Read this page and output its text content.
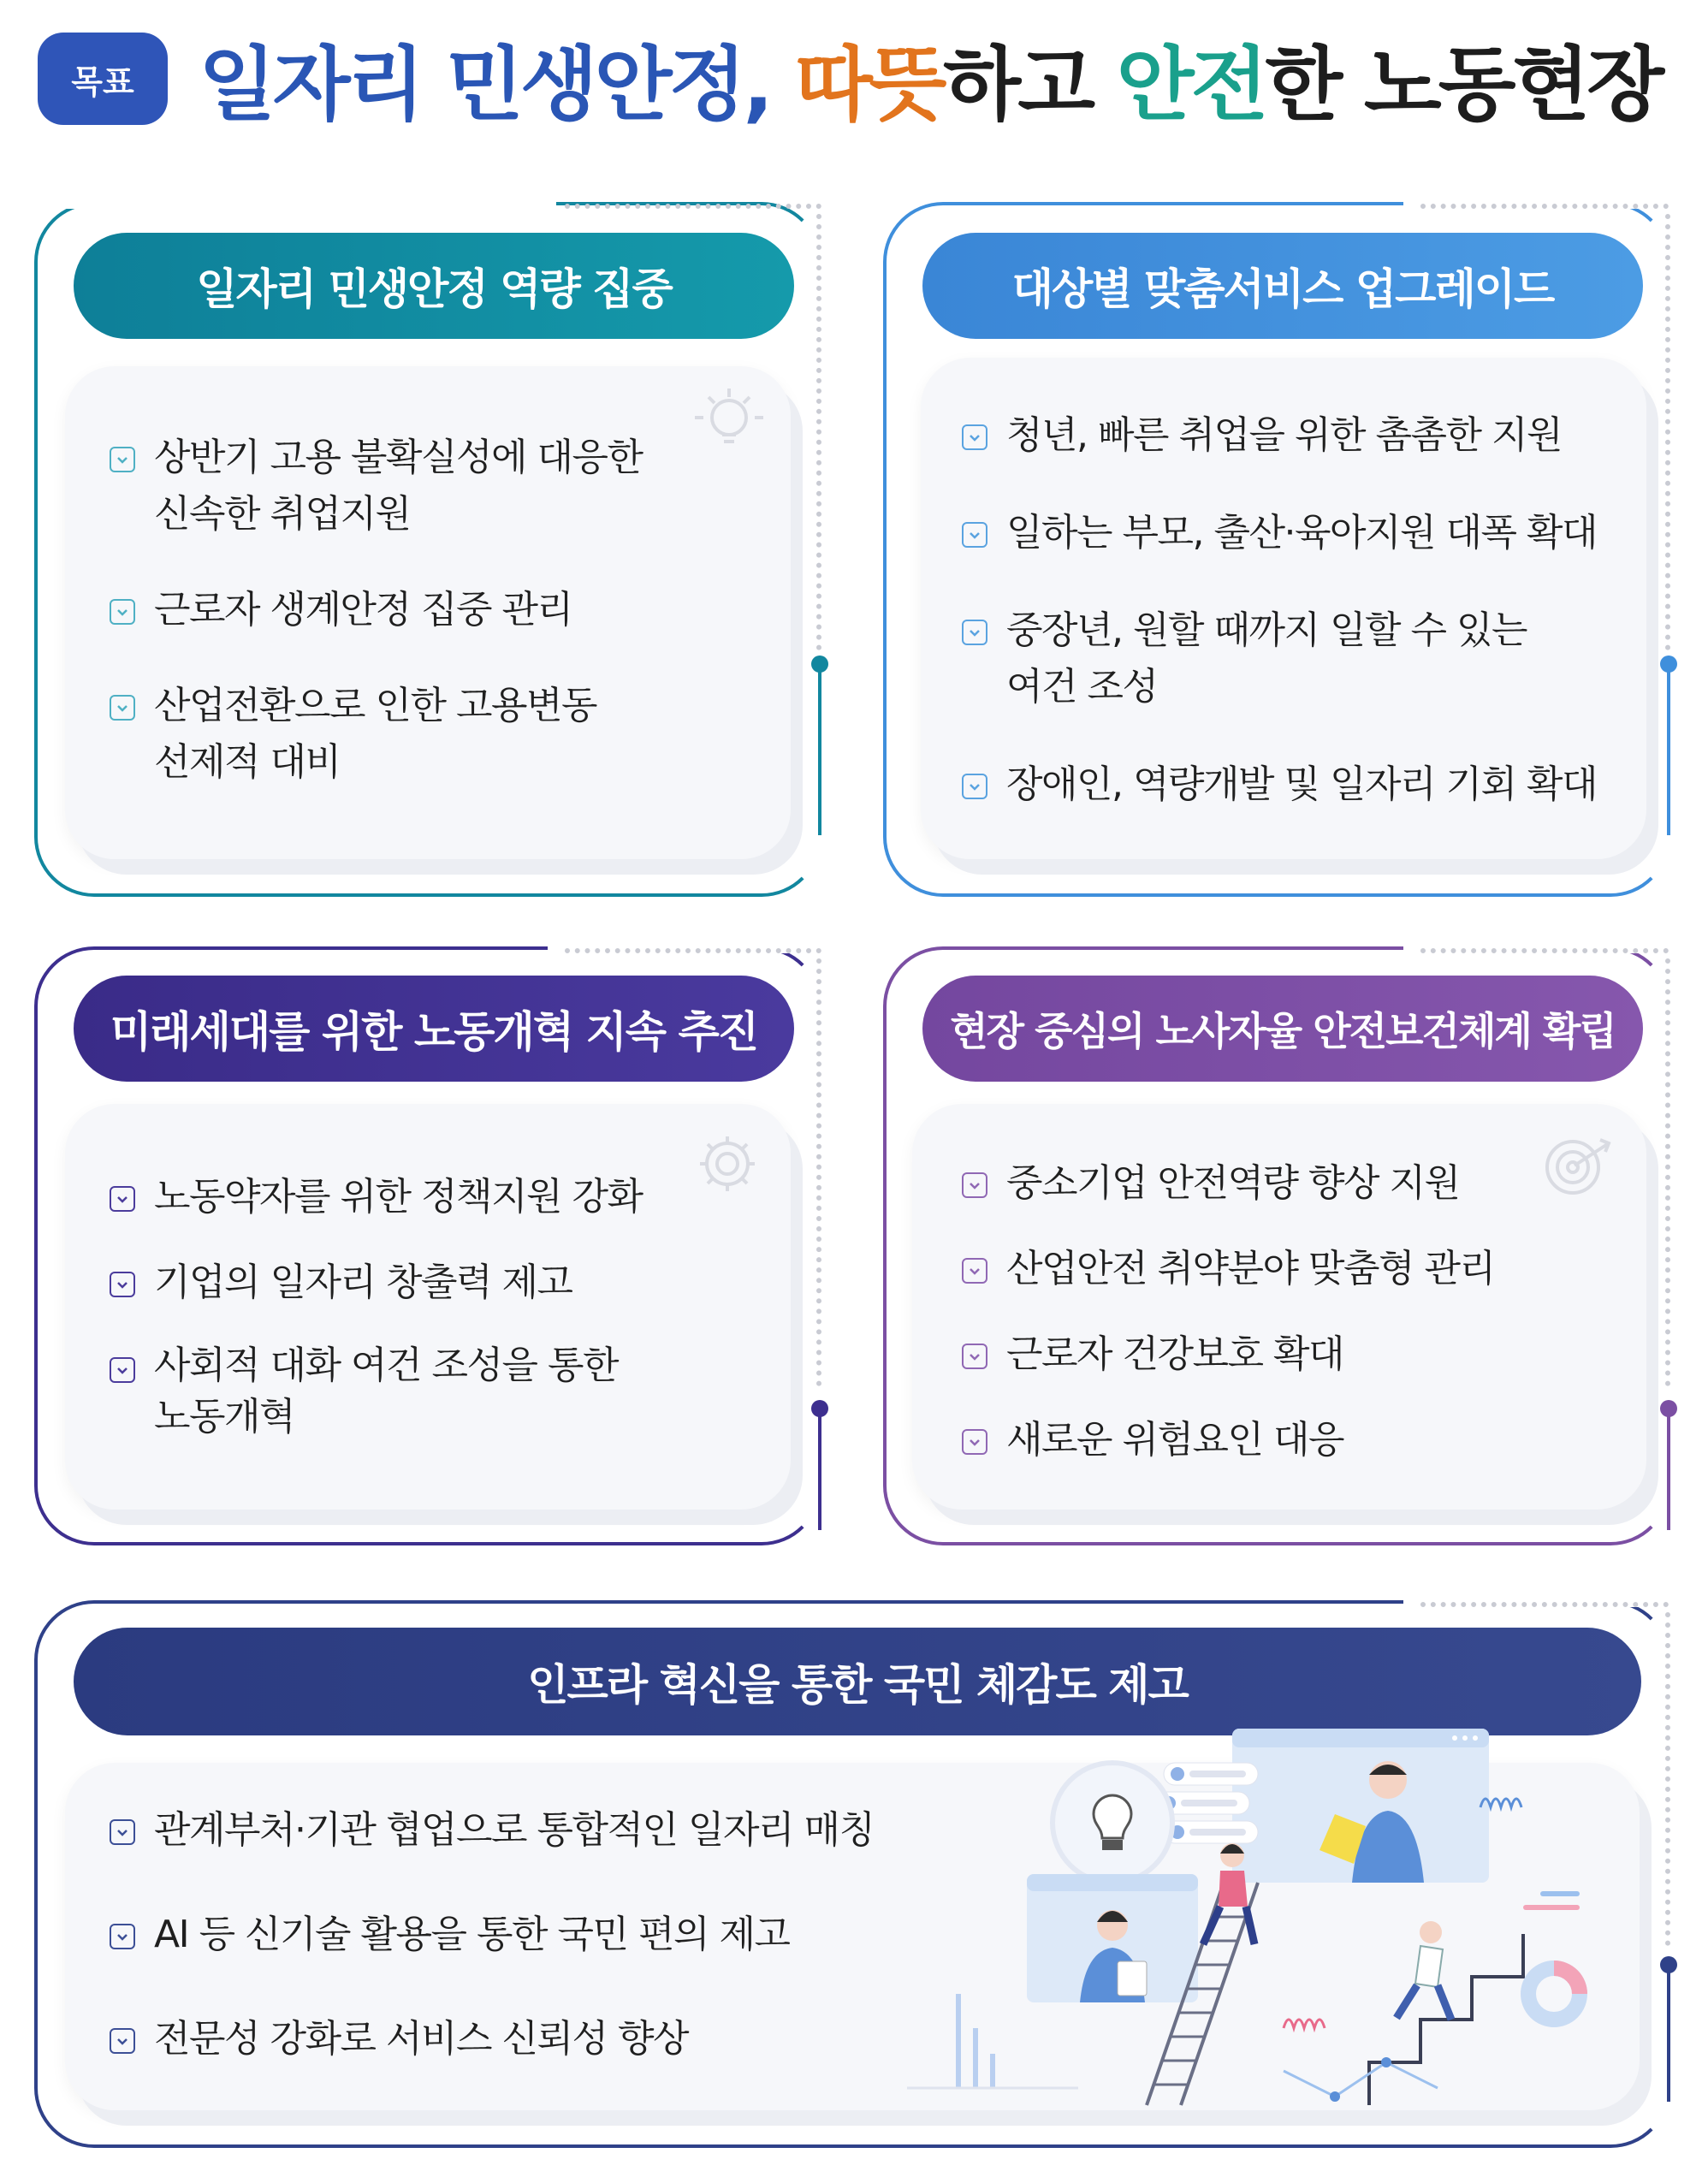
목표 일자리 민생안정,
따뜻 하고
안전 한 노동현장
일자리 민생안정 역량 집중
상반기 고용 불확실성에 대응한
신속한 취업지원
근로자 생계안정 집중 관리
산업전환으로 인한 고용변동
선제적 대비
대상별 맞춤서비스 업그레이드
청년, 빠른 취업을 위한 촘촘한 지원
일하는 부모, 출산·육아지원 대폭 확대
중장년, 원할 때까지 일할 수 있는
여건 조성
장애인, 역량개발 및 일자리 기회 확대
미래세대를 위한 노동개혁 지속 추진
노동약자를 위한 정책지원 강화
기업의 일자리 창출력 제고
사회적 대화 여건 조성을 통한
노동개혁
현장 중심의 노사자율 안전보건체계 확립
중소기업 안전역량 향상 지원
산업안전 취약분야 맞춤형 관리
근로자 건강보호 확대
새로운 위험요인 대응
인프라 혁신을 통한 국민 체감도 제고
관계부처·기관 협업으로 통합적인 일자리 매칭
AI 등 신기술 활용을 통한 국민 편의 제고
전문성 강화로 서비스 신뢰성 향상
